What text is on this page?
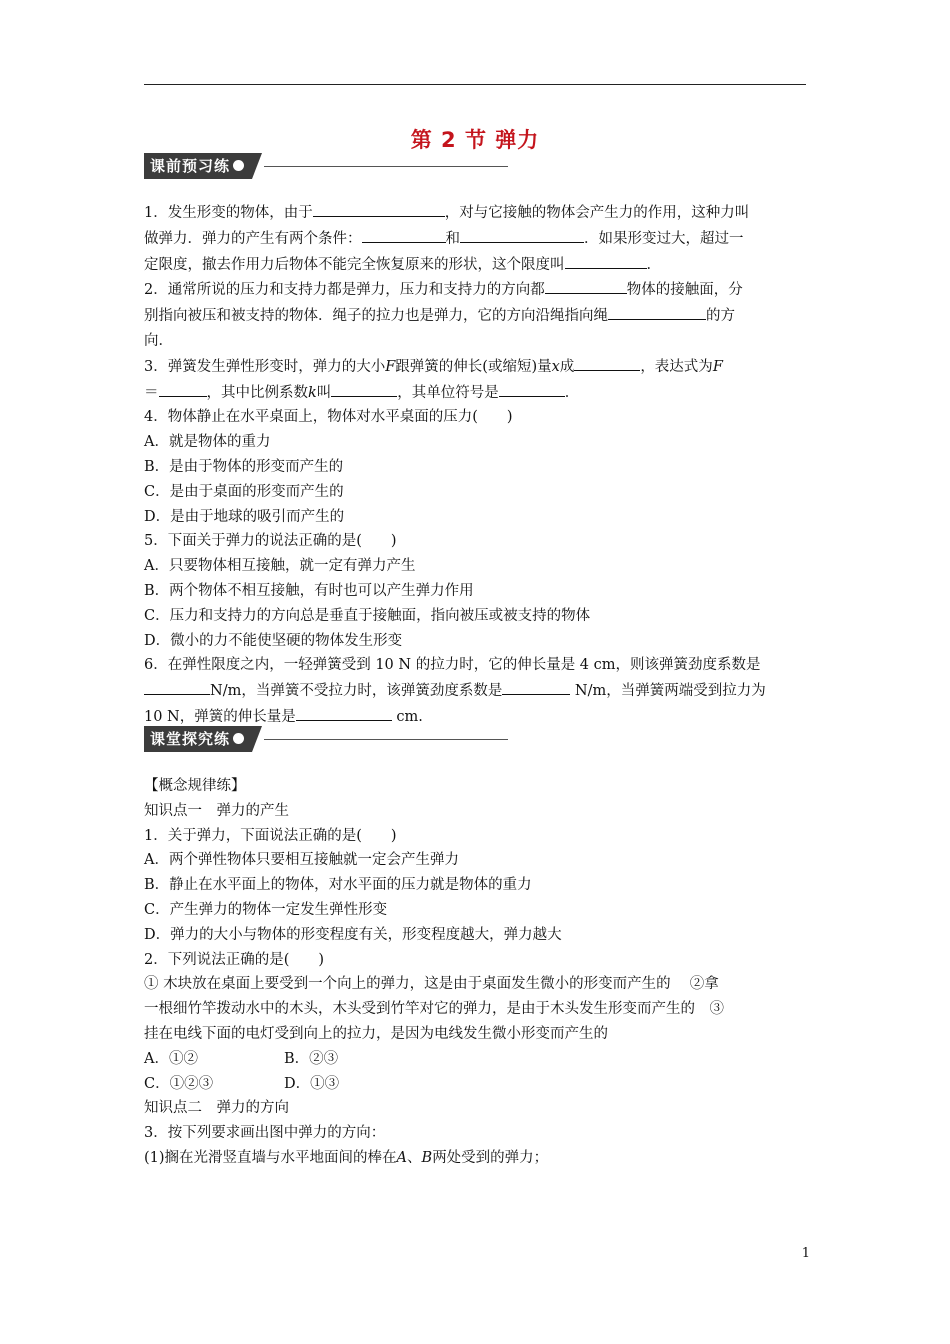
第 2 节 弹力
课前预习练

1．发生形变的物体，由于	，对与它接触的物体会产生力的作用，这种力叫

做弹力．弹力的产生有两个条件：	和	．如果形变过大，超过一

定限度，撤去作用力后物体不能完全恢复原来的形状，这个限度叫	．

2．通常所说的压力和支持力都是弹力，压力和支持力的方向都	物体的接触面，分

别指向被压和被支持的物体．绳子的拉力也是弹力，它的方向沿绳指向绳	的方

向．

3．弹簧发生弹性形变时，弹力的大小F跟弹簧的伸长(或缩短)量x成	，表达式为F

＝	，其中比例系数k叫	，其单位符号是	．

4．物体静止在水平桌面上，物体对水平桌面的压力(　　)

A．就是物体的重力

B．是由于物体的形变而产生的

C．是由于桌面的形变而产生的

D．是由于地球的吸引而产生的

5．下面关于弹力的说法正确的是(　　)

A．只要物体相互接触，就一定有弹力产生

B．两个物体不相互接触，有时也可以产生弹力作用

C．压力和支持力的方向总是垂直于接触面，指向被压或被支持的物体

D．微小的力不能使坚硬的物体发生形变

6．在弹性限度之内，一轻弹簧受到 10 N 的拉力时，它的伸长量是 4 cm，则该弹簧劲度系数是

N/m，当弹簧不受拉力时，该弹簧劲度系数是	N/m，当弹簧两端受到拉力为

10 N，弹簧的伸长量是	cm.

课堂探究练

【概念规律练】

知识点一　弹力的产生

1．关于弹力，下面说法正确的是(　　)

A．两个弹性物体只要相互接触就一定会产生弹力

B．静止在水平面上的物体，对水平面的压力就是物体的重力

C．产生弹力的物体一定发生弹性形变

D．弹力的大小与物体的形变程度有关，形变程度越大，弹力越大

2．下列说法正确的是(　　)

① 木块放在桌面上要受到一个向上的弹力，这是由于桌面发生微小的形变而产生的　 ②拿

一根细竹竿拨动水中的木头，木头受到竹竿对它的弹力，是由于木头发生形变而产生的　③

挂在电线下面的电灯受到向上的拉力，是因为电线发生微小形变而产生的

A．①②	B．②③

C．①②③	D．①③

知识点二　弹力的方向

3．按下列要求画出图中弹力的方向：

(1)搁在光滑竖直墙与水平地面间的棒在A、B两处受到的弹力；

1
